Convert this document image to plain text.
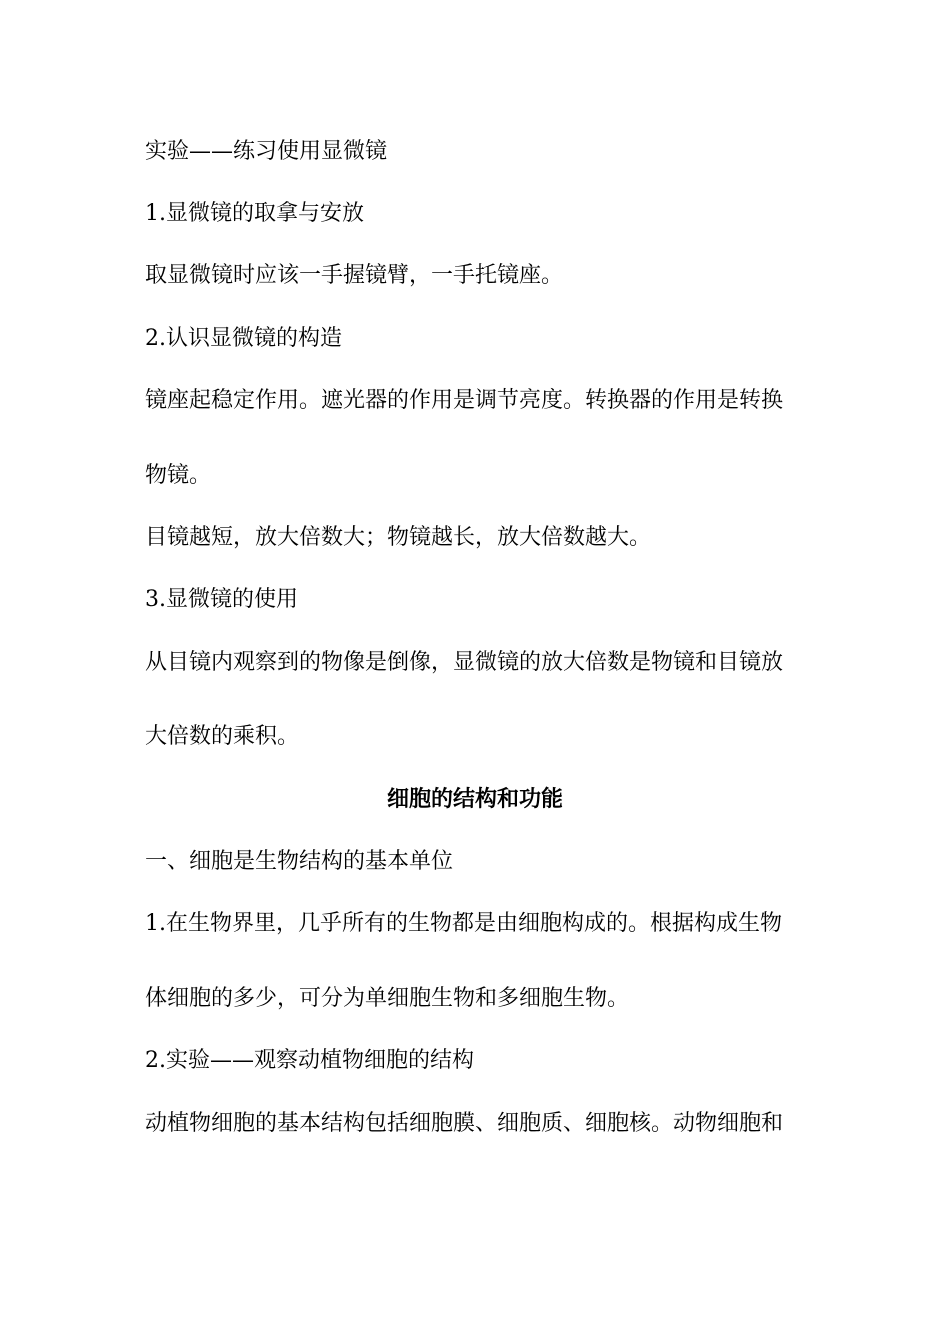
实验——练习使用显微镜
1.显微镜的取拿与安放
取显微镜时应该一手握镜臂，一手托镜座。
2.认识显微镜的构造
镜座起稳定作用。遮光器的作用是调节亮度。转换器的作用是转换
物镜。
目镜越短，放大倍数大；物镜越长，放大倍数越大。
3.显微镜的使用
从目镜内观察到的物像是倒像，显微镜的放大倍数是物镜和目镜放
大倍数的乘积。
细胞的结构和功能
一、细胞是生物结构的基本单位
1.在生物界里，几乎所有的生物都是由细胞构成的。根据构成生物
体细胞的多少，可分为单细胞生物和多细胞生物。
2.实验——观察动植物细胞的结构
动植物细胞的基本结构包括细胞膜、细胞质、细胞核。动物细胞和
